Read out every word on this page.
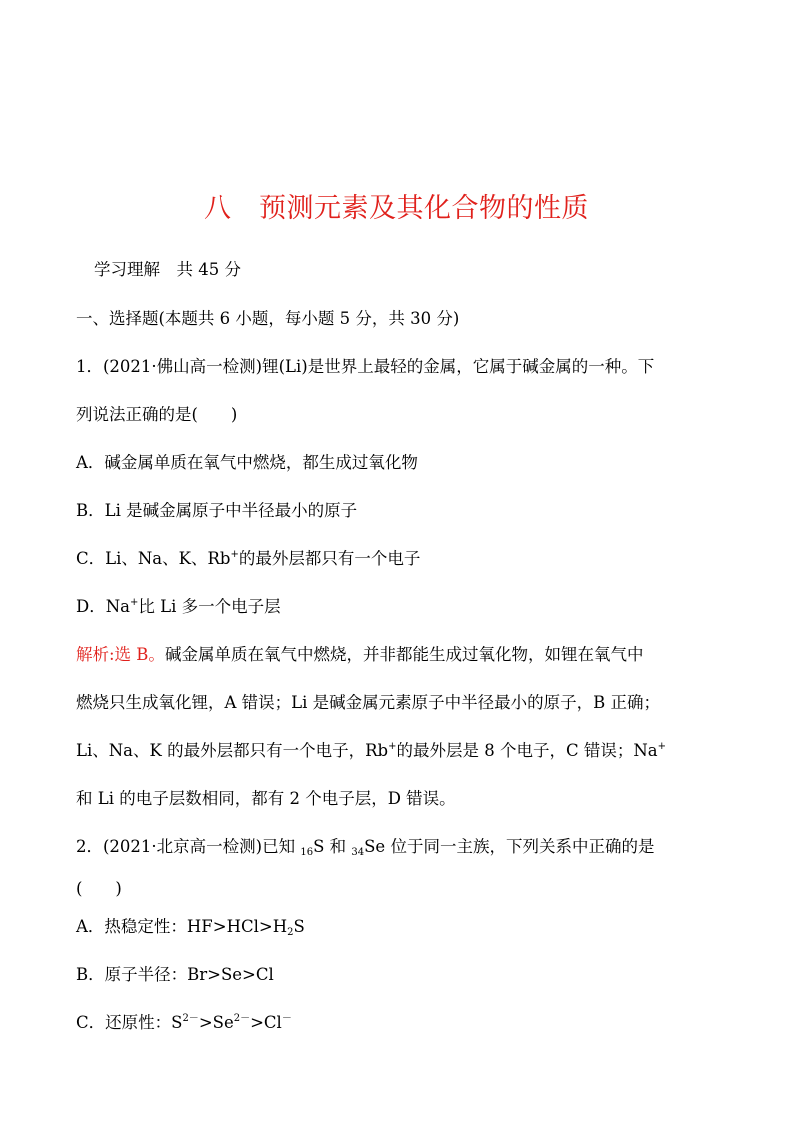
八　预测元素及其化合物的性质
学习理解　共 45 分
一、选择题(本题共 6 小题，每小题 5 分，共 30 分)
1．(2021·佛山高一检测)锂(Li)是世界上最轻的金属，它属于碱金属的一种。下
列说法正确的是(　　)
A．碱金属单质在氧气中燃烧，都生成过氧化物
B．Li 是碱金属原子中半径最小的原子
C．Li、Na、K、Rb+的最外层都只有一个电子
D．Na+比 Li 多一个电子层
解析:选 B。碱金属单质在氧气中燃烧，并非都能生成过氧化物，如锂在氧气中
燃烧只生成氧化锂，A 错误；Li 是碱金属元素原子中半径最小的原子，B 正确；
Li、Na、K 的最外层都只有一个电子，Rb+的最外层是 8 个电子，C 错误；Na+
和 Li 的电子层数相同，都有 2 个电子层，D 错误。
2．(2021·北京高一检测)已知 $_{16}$S 和 $_{34}$Se 位于同一主族，下列关系中正确的是
(　　)
A．热稳定性：$HF>HCl>H_2S$
B．原子半径：Br>Se>Cl
C．还原性：$S^{2-}>Se^{2-}>Cl^-$
